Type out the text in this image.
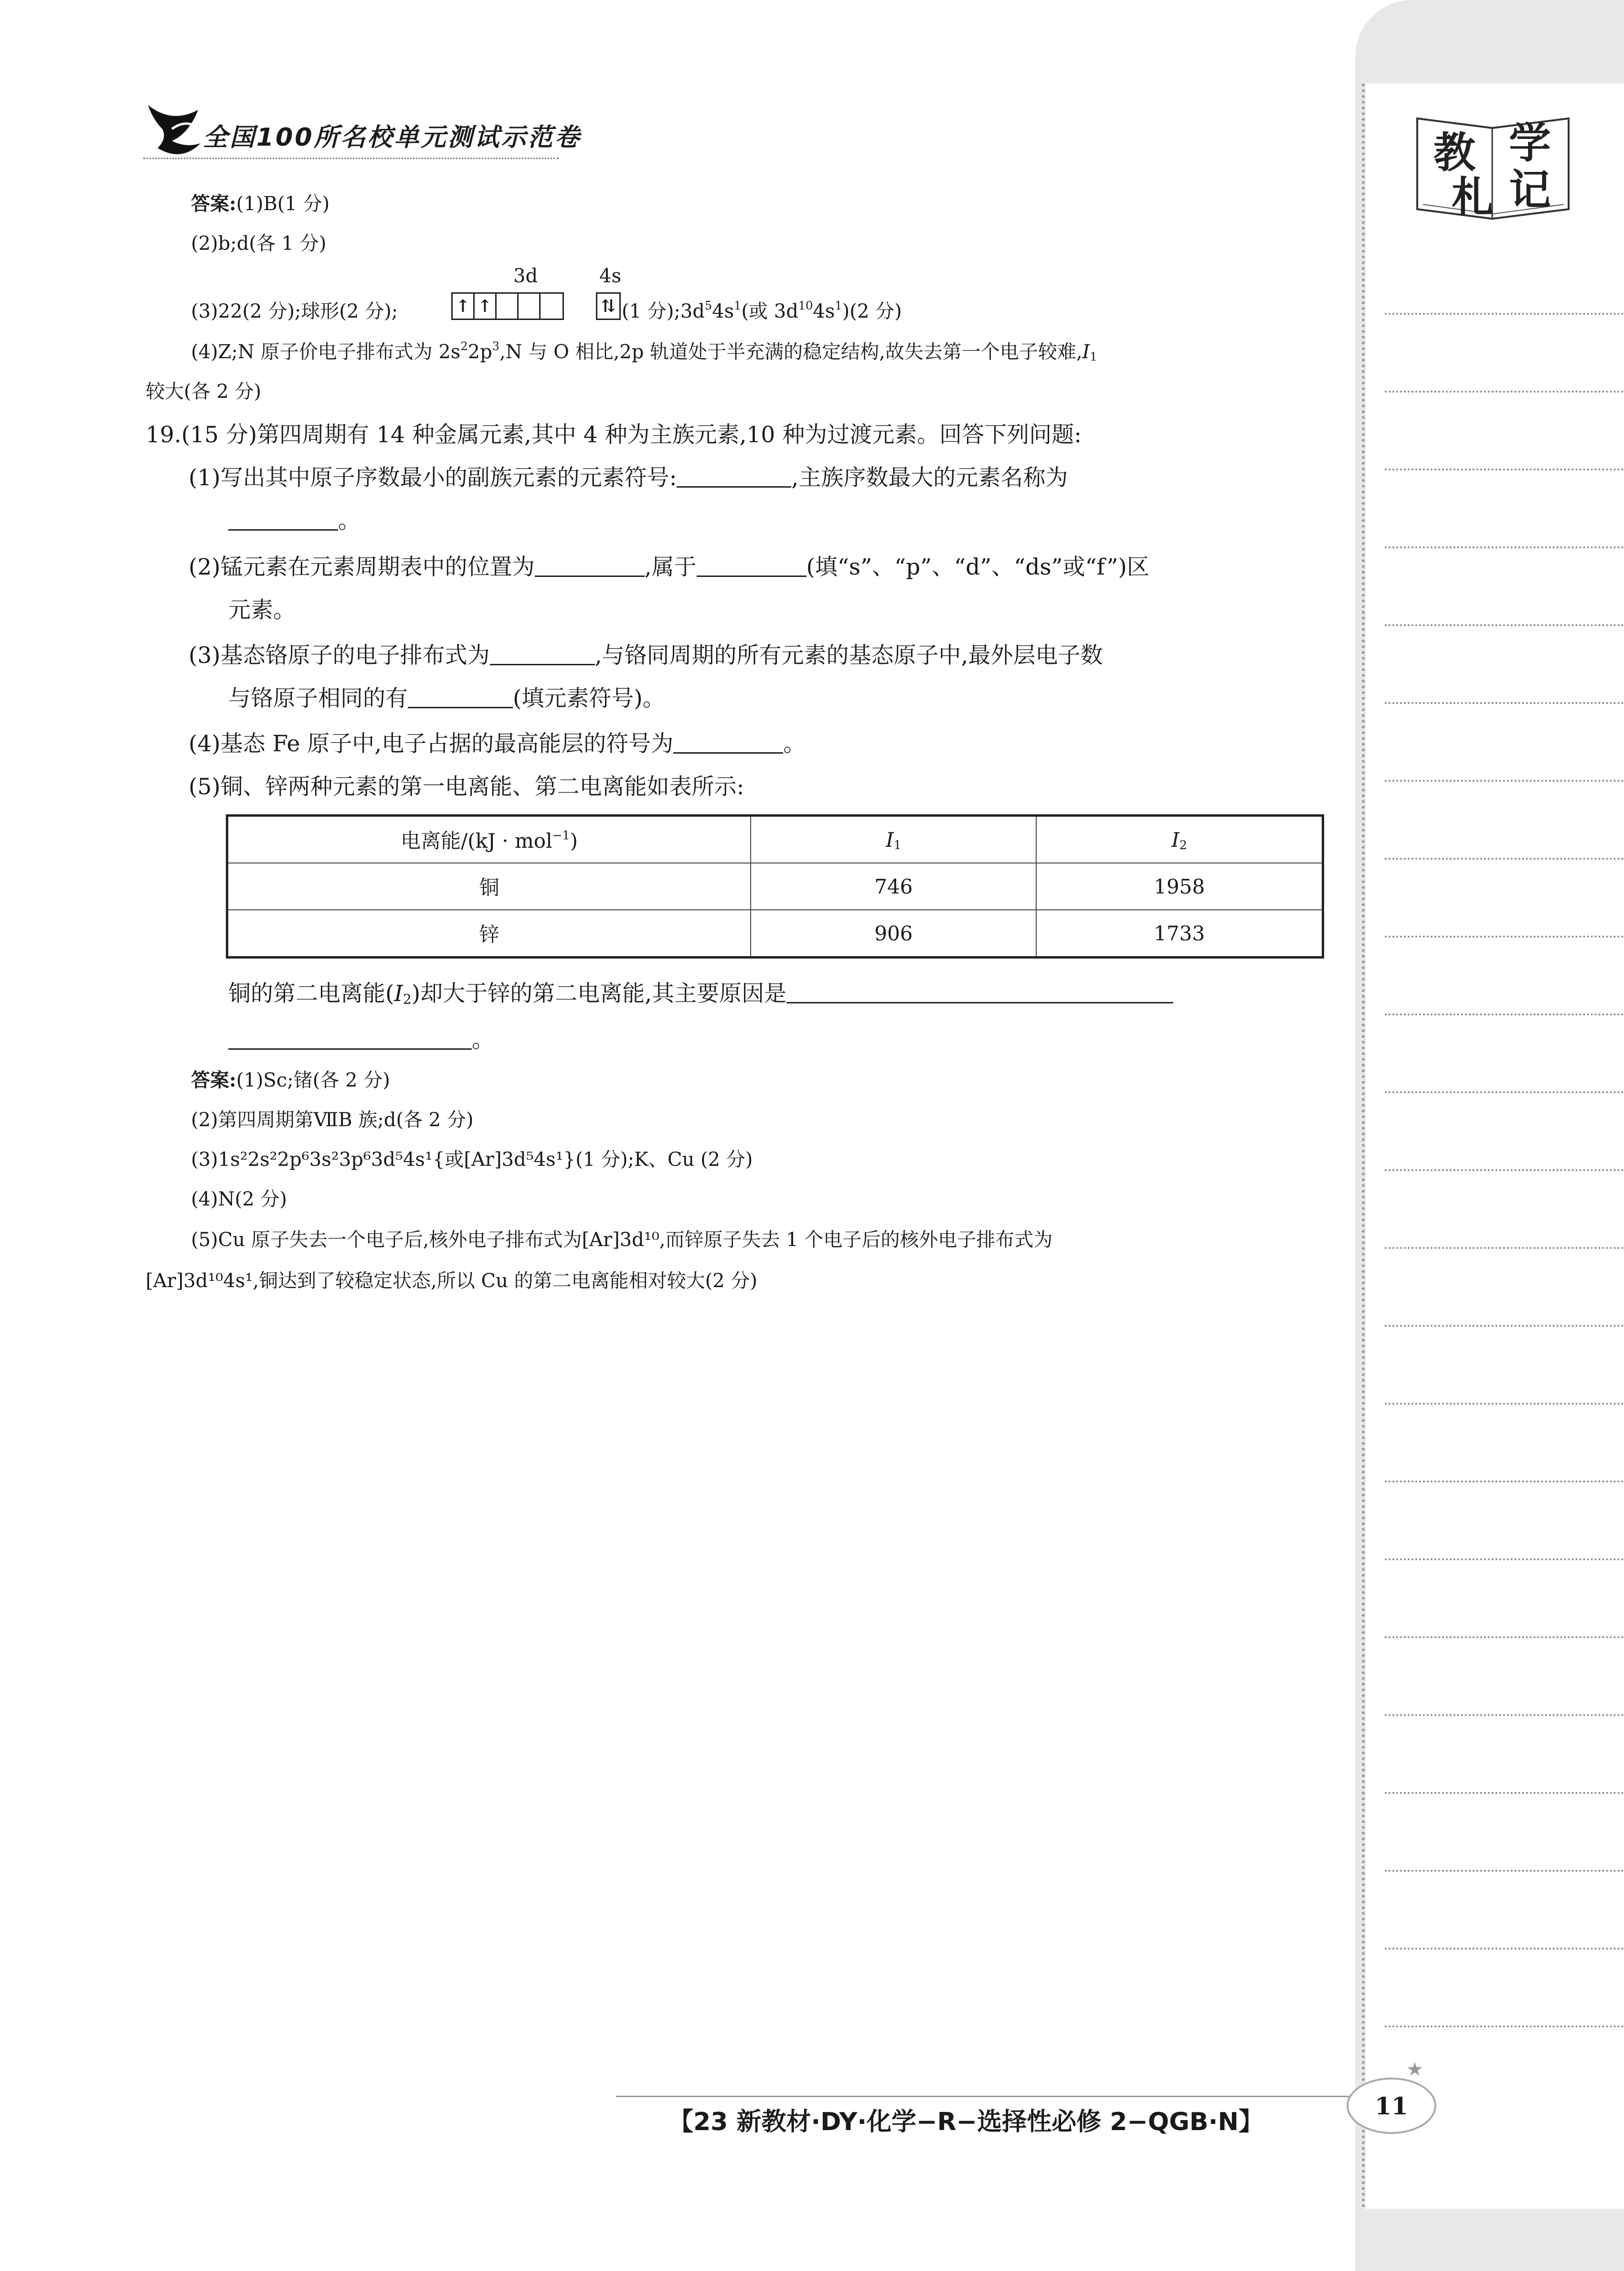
教 学
札 记
全国100所名校单元测试示范卷
答案:(1)B(1 分)
(2)b;d(各 1 分)
3d	4s
(3)22(2 分);球形(2 分);	↑ ↑	⇅ (1 分)$;3d^54s^1$(或 $3d^{10}4s^1)(2$ 分)
(4)Z;N 原子价电子排布式为 $2s^22p^3,N$ 与 O 相比,2p 轨道处于半充满的稳定结构,故失去第一个电子较难$,I_1$
较大(各 2 分)
19.(15 分)第四周期有 14 种金属元素,其中 4 种为主族元素,10 种为过渡元素。回答下列问题:
(1)写出其中原子序数最小的副族元素的元素符号:	,主族序数最大的元素名称为
。
(2)锰元素在元素周期表中的位置为	,属于	(填“s”、“p”、“d”、“ds”或“f”)区
元素。
(3)基态铬原子的电子排布式为	,与铬同周期的所有元素的基态原子中,最外层电子数
与铬原子相同的有	(填元素符号)。
(4)基态 Fe 原子中,电子占据的最高能层的符号为	。
(5)铜、锌两种元素的第一电离能、第二电离能如表所示:
电离能/(kJ · mol$^{-1}$)	$I_1$	$I_2$
铜	746	1958
锌	906	1733
铜的第二电离能$(I_2)$却大于锌的第二电离能,其主要原因是
。
答案:(1)Sc;锗(各 2 分)
(2)第四周期第ⅦB 族;d(各 2 分)
(3)1s²2s²2p⁶3s²3p⁶3d⁵4s¹{或[Ar]3d⁵4s¹}(1 分);K、Cu (2 分)
(4)N(2 分)
(5)Cu 原子失去一个电子后,核外电子排布式为[Ar]3d¹⁰,而锌原子失去 1 个电子后的核外电子排布式为
[Ar]3d¹⁰4s¹,铜达到了较稳定状态,所以 Cu 的第二电离能相对较大(2 分)
【23 新教材·DY·化学−R−选择性必修 2−QGB·N】
★
11
